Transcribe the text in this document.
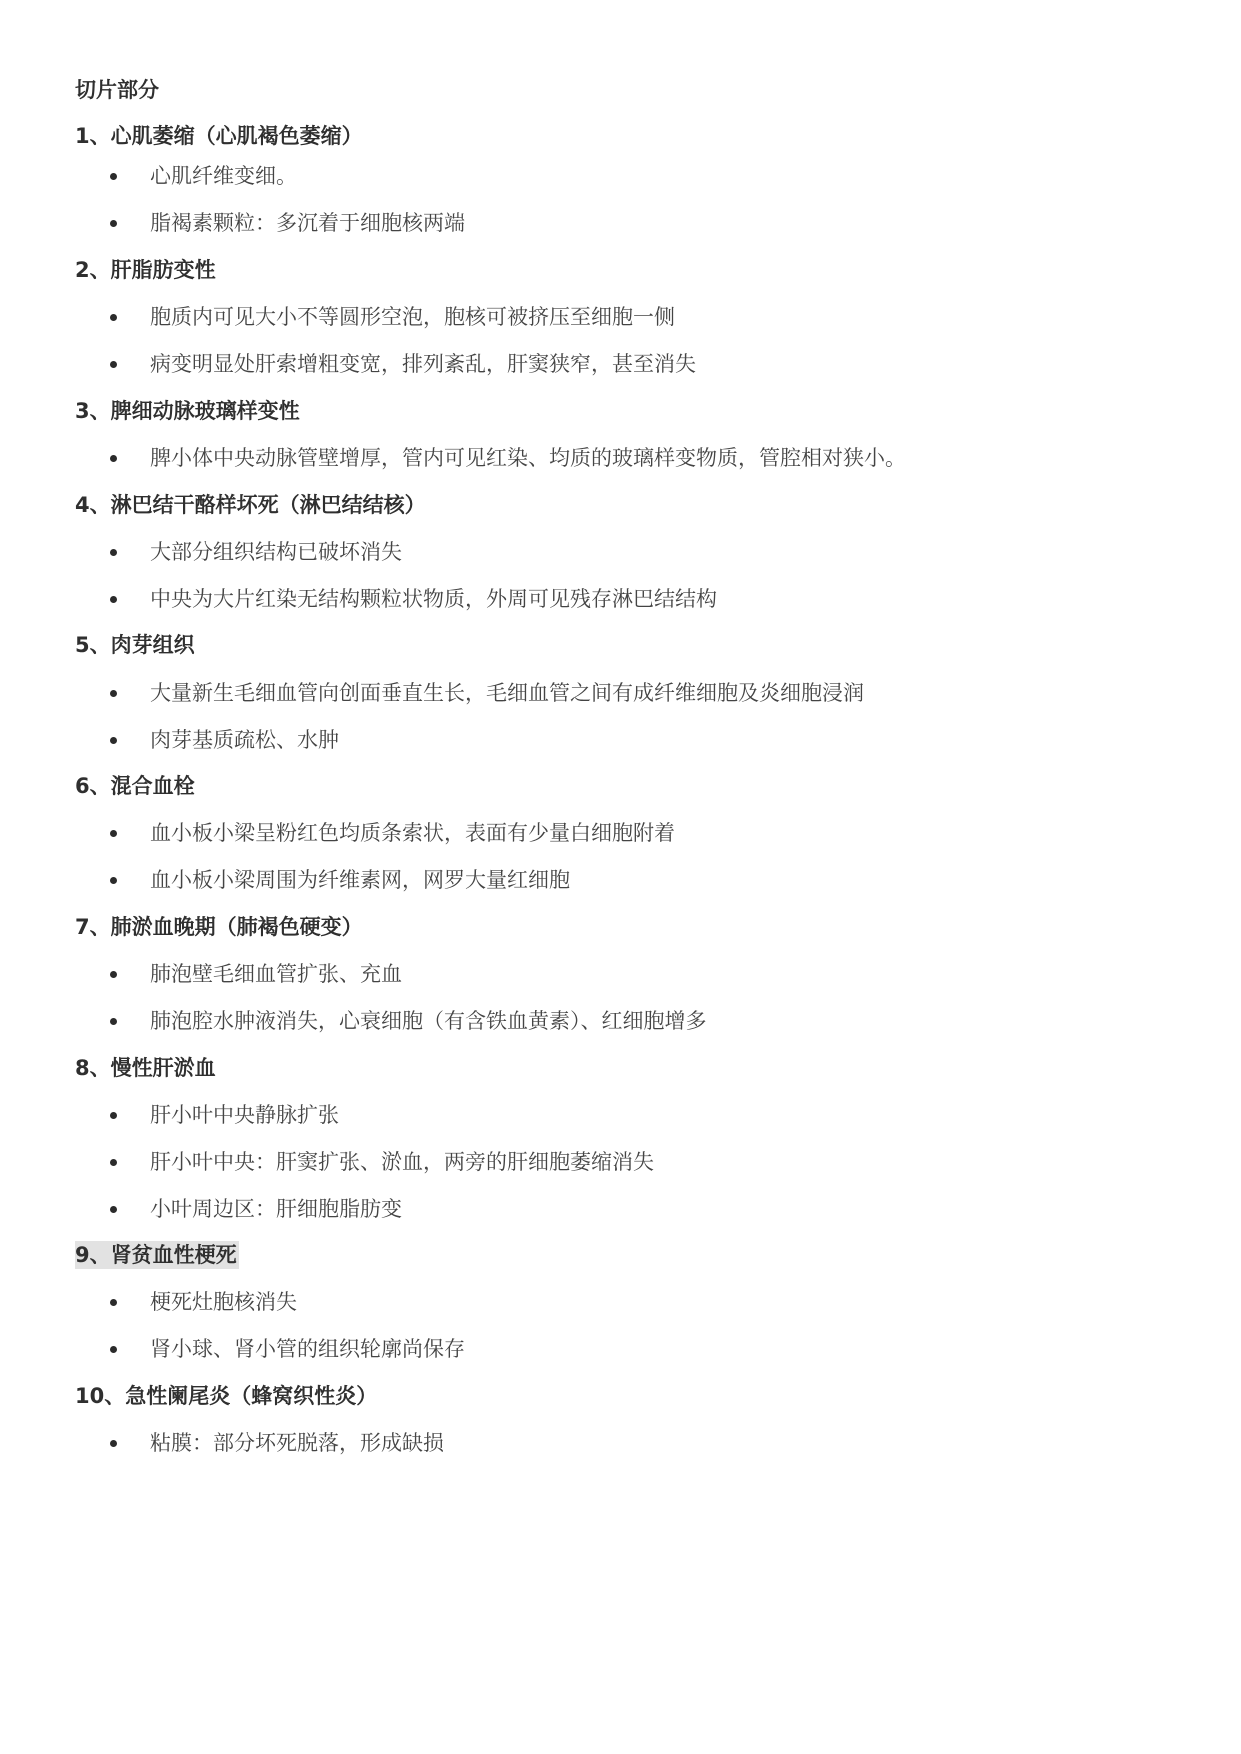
切片部分
1、心肌萎缩（心肌褐色萎缩）
心肌纤维变细。
脂褐素颗粒：多沉着于细胞核两端
2、肝脂肪变性
胞质内可见大小不等圆形空泡，胞核可被挤压至细胞一侧
病变明显处肝索增粗变宽，排列紊乱，肝窦狭窄，甚至消失
3、脾细动脉玻璃样变性
脾小体中央动脉管壁增厚，管内可见红染、均质的玻璃样变物质，管腔相对狭小。
4、淋巴结干酪样坏死（淋巴结结核）
大部分组织结构已破坏消失
中央为大片红染无结构颗粒状物质，外周可见残存淋巴结结构
5、肉芽组织
大量新生毛细血管向创面垂直生长，毛细血管之间有成纤维细胞及炎细胞浸润
肉芽基质疏松、水肿
6、混合血栓
血小板小梁呈粉红色均质条索状，表面有少量白细胞附着
血小板小梁周围为纤维素网，网罗大量红细胞
7、肺淤血晚期（肺褐色硬变）
肺泡壁毛细血管扩张、充血
肺泡腔水肿液消失，心衰细胞（有含铁血黄素）、红细胞增多
8、慢性肝淤血
肝小叶中央静脉扩张
肝小叶中央：肝窦扩张、淤血，两旁的肝细胞萎缩消失
小叶周边区：肝细胞脂肪变
9、肾贫血性梗死
梗死灶胞核消失
肾小球、肾小管的组织轮廓尚保存
10、急性阑尾炎（蜂窝织性炎）
粘膜：部分坏死脱落，形成缺损
